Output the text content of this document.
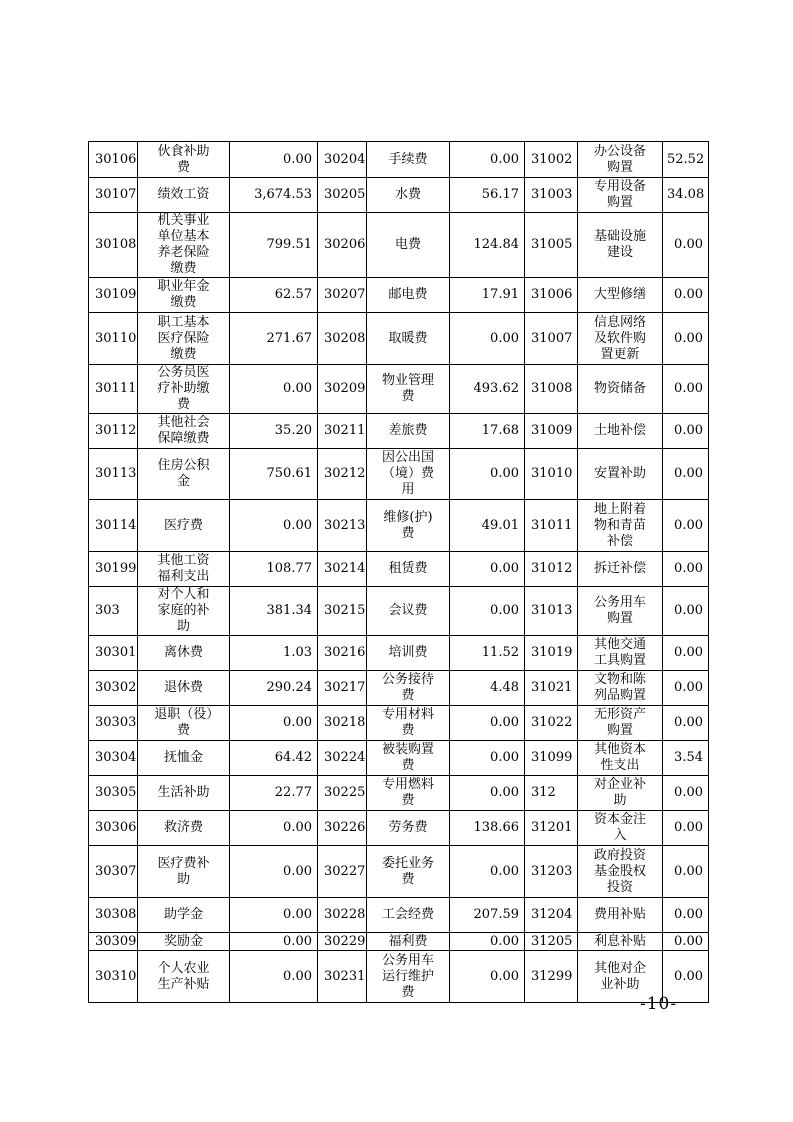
30106	伙食补助费	0.00	30204	手续费	0.00	31002	办公设备购置	52.52
30107	绩效工资	3,674.53	30205	水费	56.17	31003	专用设备购置	34.08
30108	机关事业单位基本养老保险缴费	799.51	30206	电费	124.84	31005	基础设施建设	0.00
30109	职业年金缴费	62.57	30207	邮电费	17.91	31006	大型修缮	0.00
30110	职工基本医疗保险缴费	271.67	30208	取暖费	0.00	31007	信息网络及软件购置更新	0.00
30111	公务员医疗补助缴费	0.00	30209	物业管理费	493.62	31008	物资储备	0.00
30112	其他社会保障缴费	35.20	30211	差旅费	17.68	31009	土地补偿	0.00
30113	住房公积金	750.61	30212	因公出国（境）费用	0.00	31010	安置补助	0.00
30114	医疗费	0.00	30213	维修(护)费	49.01	31011	地上附着物和青苗补偿	0.00
30199	其他工资福利支出	108.77	30214	租赁费	0.00	31012	拆迁补偿	0.00
303	对个人和家庭的补助	381.34	30215	会议费	0.00	31013	公务用车购置	0.00
30301	离休费	1.03	30216	培训费	11.52	31019	其他交通工具购置	0.00
30302	退休费	290.24	30217	公务接待费	4.48	31021	文物和陈列品购置	0.00
30303	退职（役）费	0.00	30218	专用材料费	0.00	31022	无形资产购置	0.00
30304	抚恤金	64.42	30224	被装购置费	0.00	31099	其他资本性支出	3.54
30305	生活补助	22.77	30225	专用燃料费	0.00	312	对企业补助	0.00
30306	救济费	0.00	30226	劳务费	138.66	31201	资本金注入	0.00
30307	医疗费补助	0.00	30227	委托业务费	0.00	31203	政府投资基金股权投资	0.00
30308	助学金	0.00	30228	工会经费	207.59	31204	费用补贴	0.00
30309	奖励金	0.00	30229	福利费	0.00	31205	利息补贴	0.00
30310	个人农业生产补贴	0.00	30231	公务用车运行维护费	0.00	31299	其他对企业补助	0.00
-10-
